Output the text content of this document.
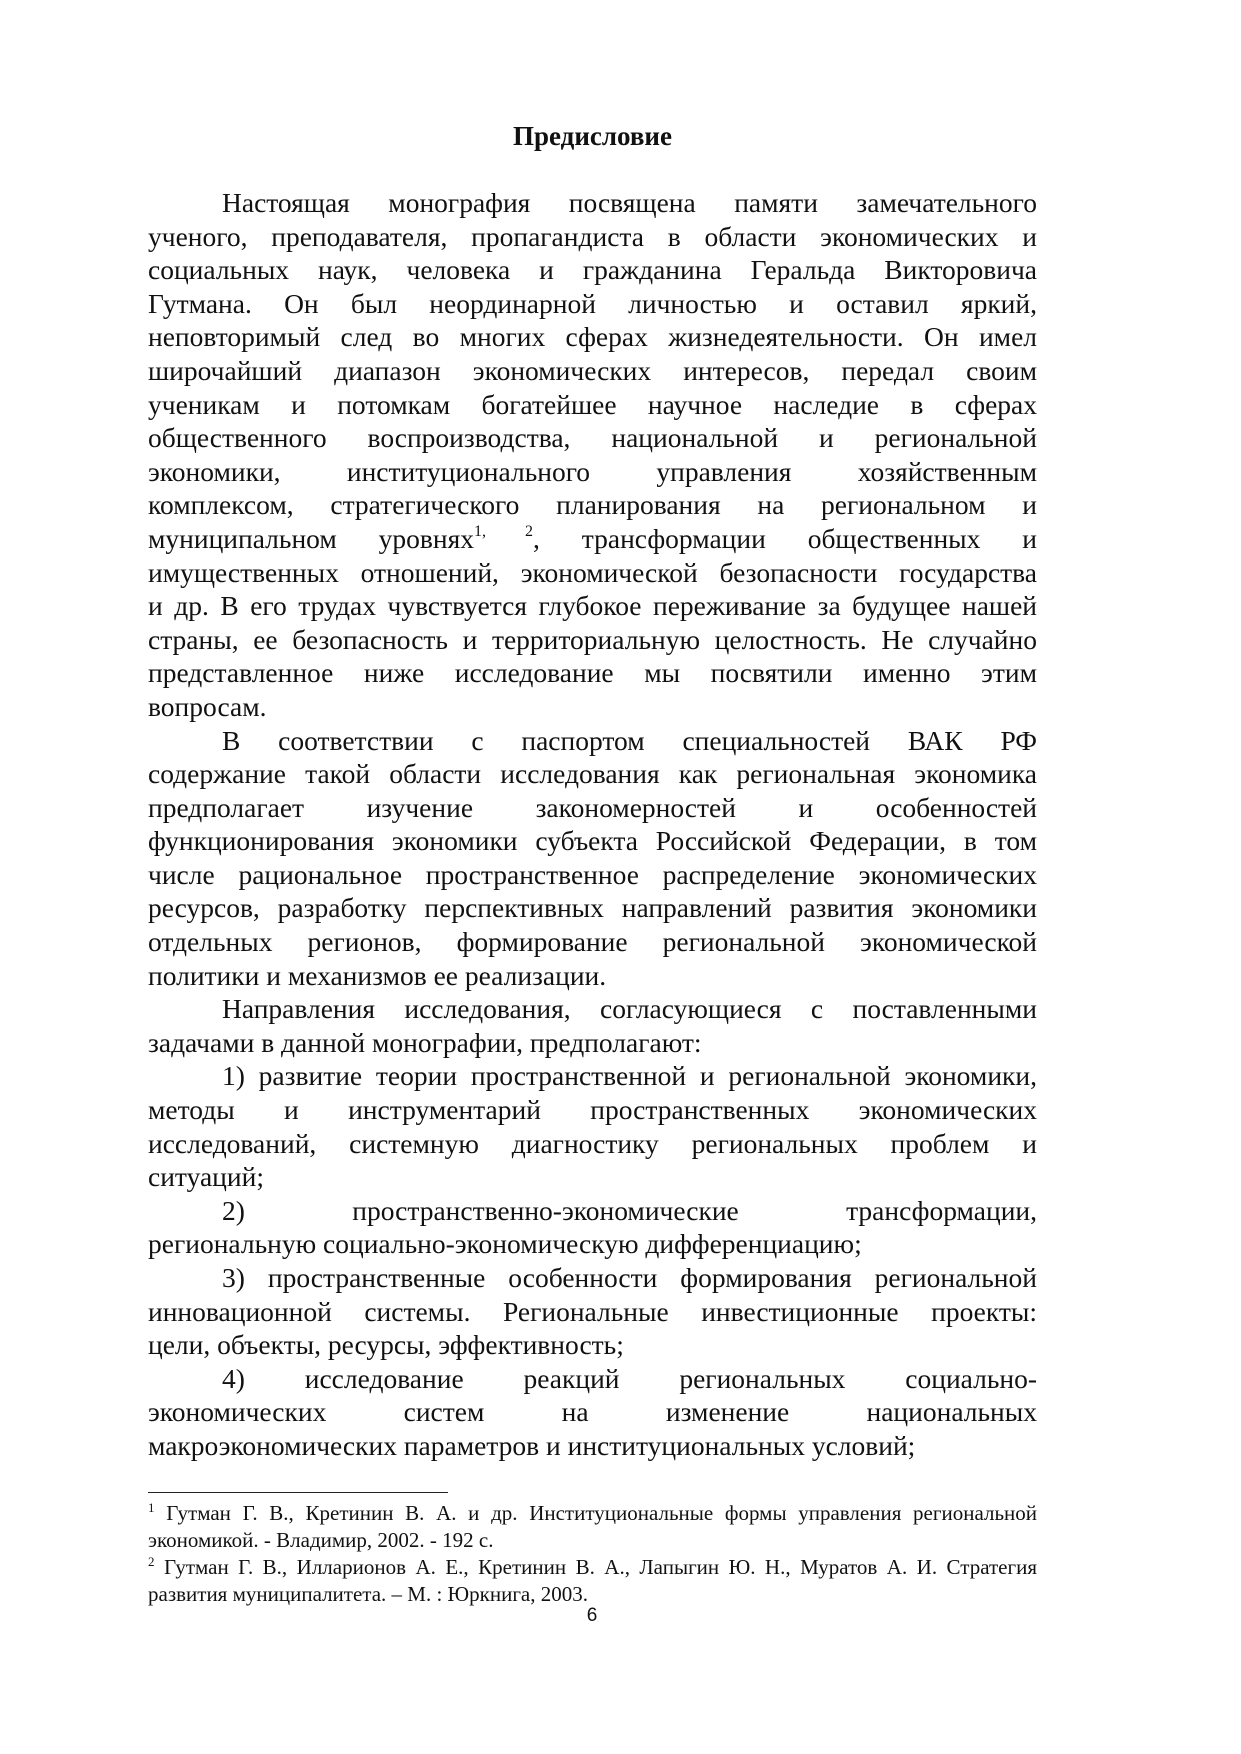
Предисловие
Настоящая монография посвящена памяти замечательного
ученого, преподавателя, пропагандиста в области экономических и
социальных наук, человека и гражданина Геральда Викторовича
Гутмана. Он был неординарной личностью и оставил яркий,
неповторимый след во многих сферах жизнедеятельности. Он имел
широчайший диапазон экономических интересов, передал своим
ученикам и потомкам богатейшее научное наследие в сферах
общественного воспроизводства, национальной и региональной
экономики, институционального управления хозяйственным
комплексом, стратегического планирования на региональном и
муниципальном уровнях$^{1, 2}$, трансформации общественных и
имущественных отношений, экономической безопасности государства
и др. В его трудах чувствуется глубокое переживание за будущее нашей
страны, ее безопасность и территориальную целостность. Не случайно
представленное ниже исследование мы посвятили именно этим
вопросам.
В соответствии с паспортом специальностей ВАК РФ
содержание такой области исследования как региональная экономика
предполагает изучение закономерностей и особенностей
функционирования экономики субъекта Российской Федерации, в том
числе рациональное пространственное распределение экономических
ресурсов, разработку перспективных направлений развития экономики
отдельных регионов, формирование региональной экономической
политики и механизмов ее реализации.
Направления исследования, согласующиеся с поставленными
задачами в данной монографии, предполагают:
1) развитие теории пространственной и региональной экономики,
методы и инструментарий пространственных экономических
исследований, системную диагностику региональных проблем и
ситуаций;
2) пространственно-экономические трансформации,
региональную социально-экономическую дифференциацию;
3) пространственные особенности формирования региональной
инновационной системы. Региональные инвестиционные проекты:
цели, объекты, ресурсы, эффективность;
4) исследование реакций региональных социально-
экономических систем на изменение национальных
макроэкономических параметров и институциональных условий;
$^1$ Гутман Г. В., Кретинин В. А. и др. Институциональные формы управления региональной
экономикой. - Владимир, 2002. - 192 с.
$^2$ Гутман Г. В., Илларионов А. Е., Кретинин В. А., Лапыгин Ю. Н., Муратов А. И. Стратегия
развития муниципалитета. – М. : Юркнига, 2003.
6
